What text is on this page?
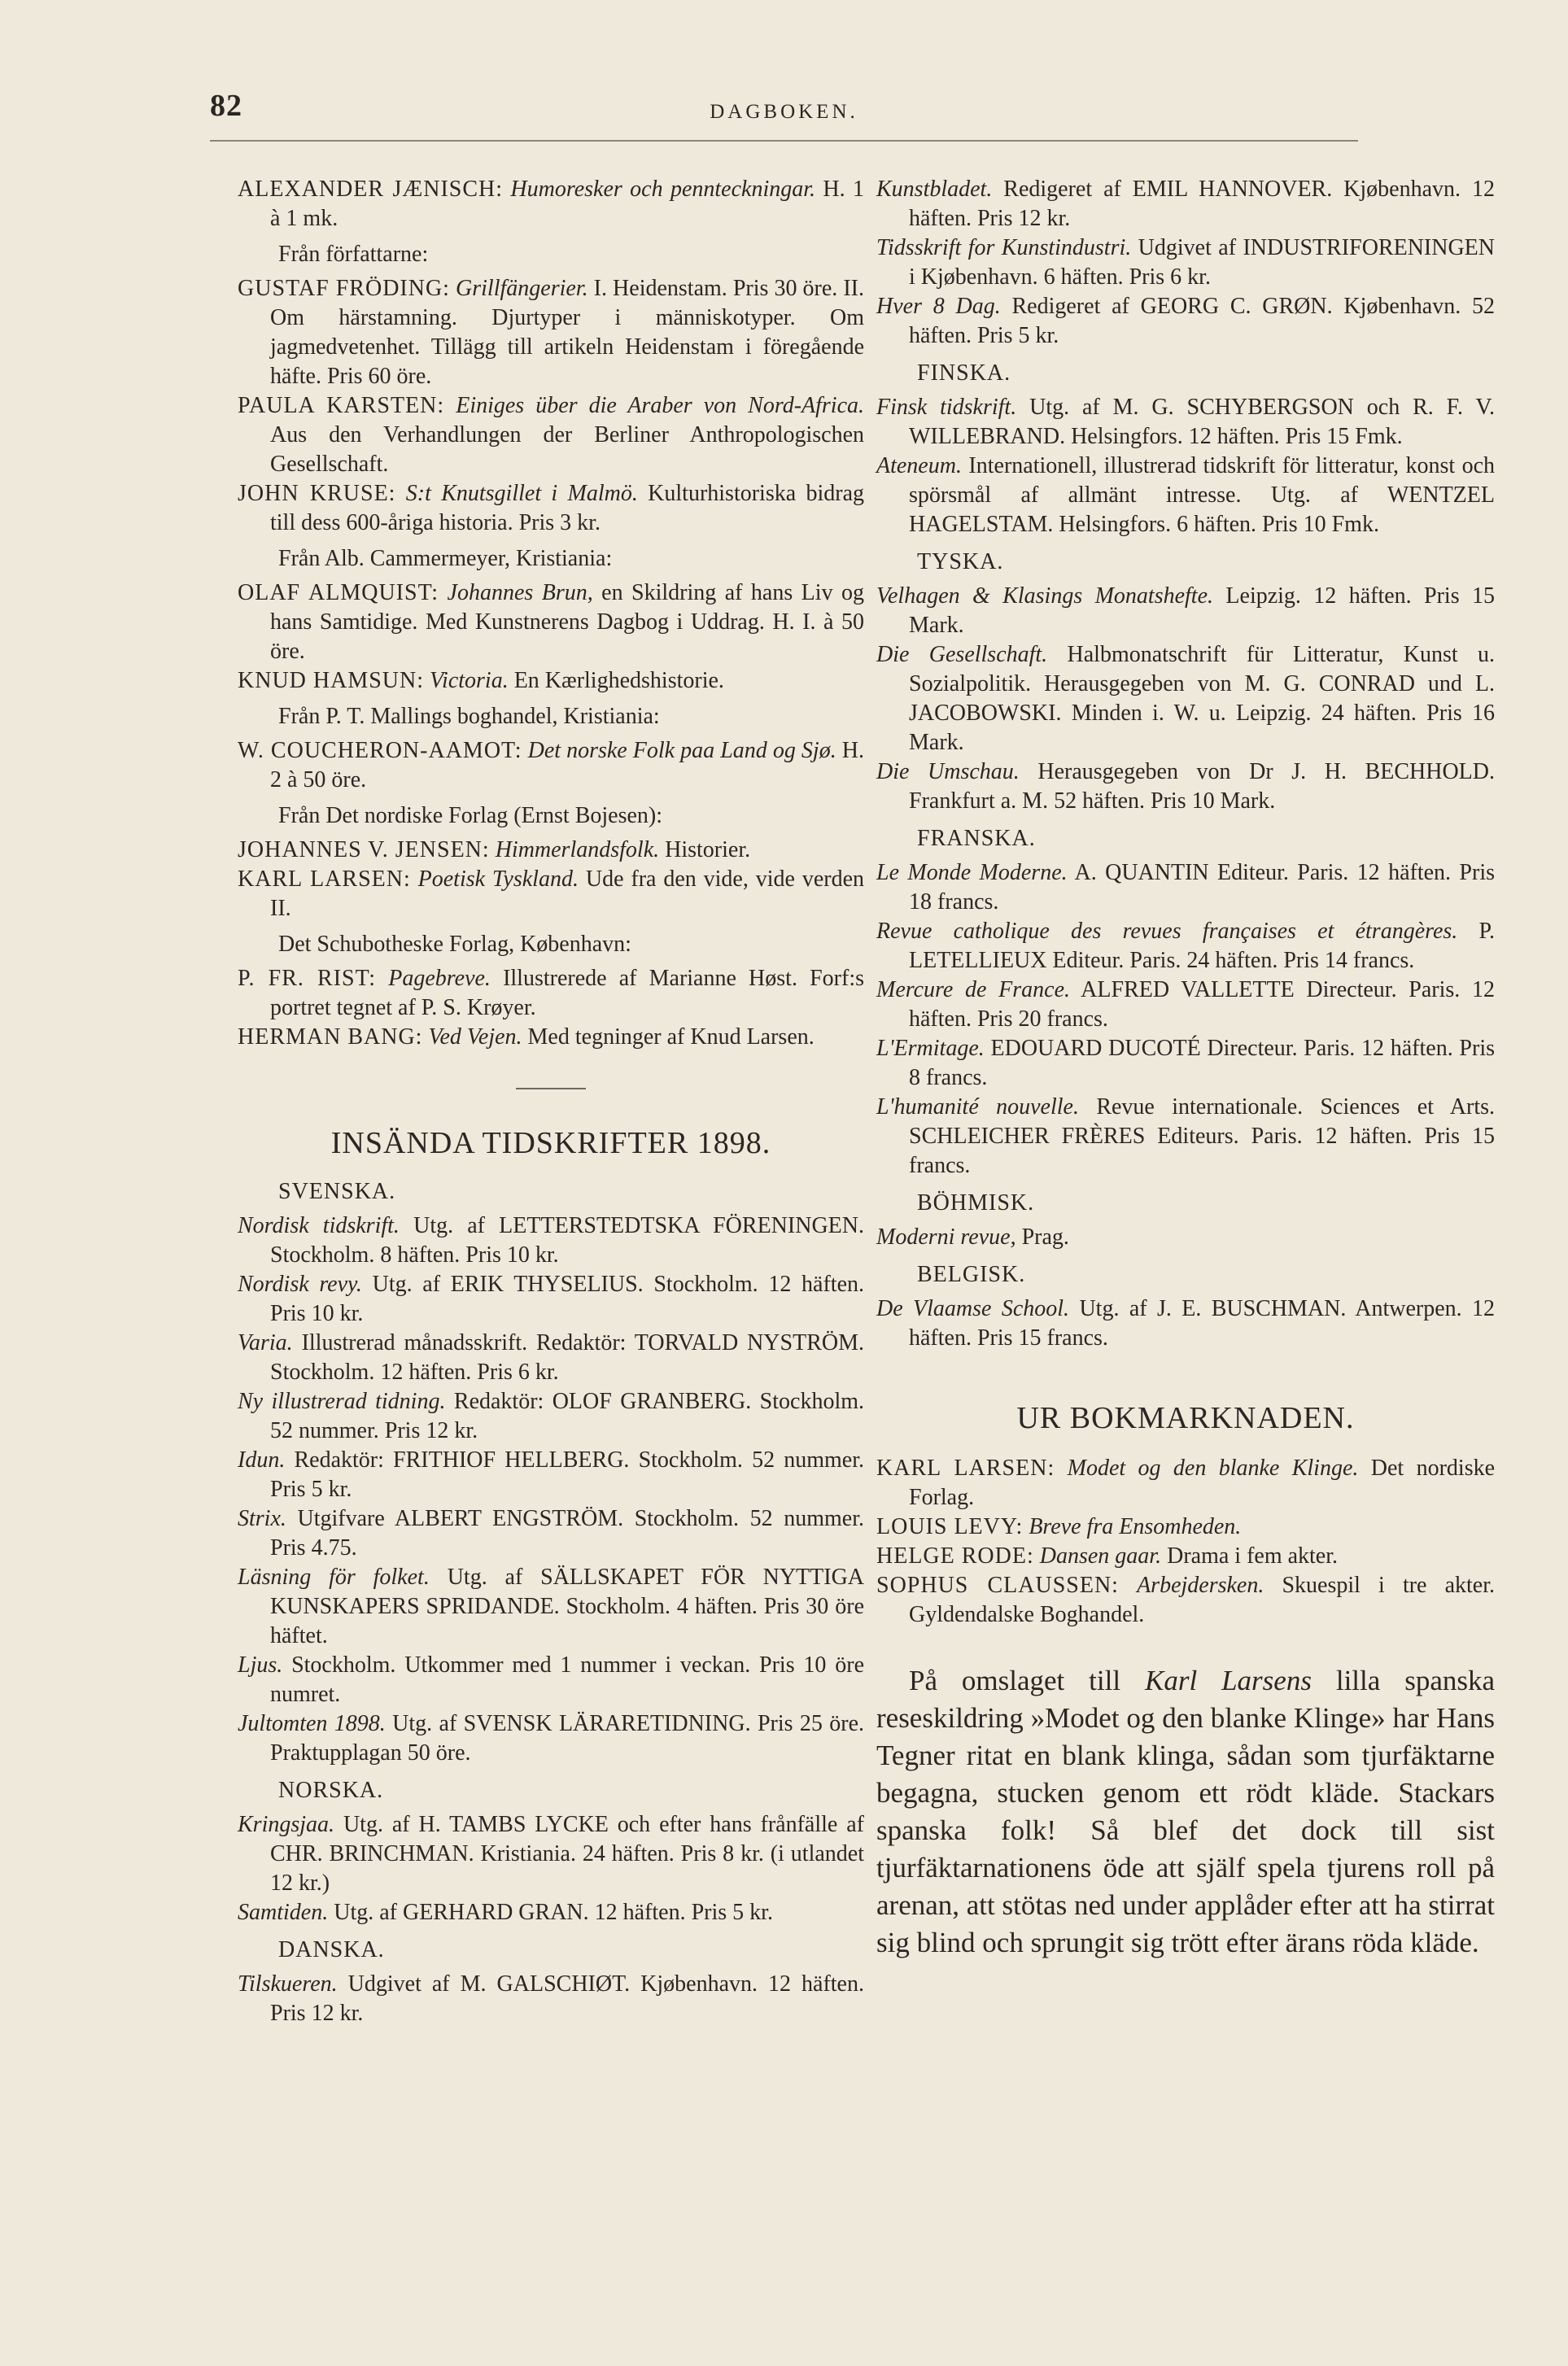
82	DAGBOKEN.

ALEXANDER JÆNISCH: Humoresker och pennteckningar. H. 1 à 1 mk.

Från författarne:

GUSTAF FRÖDING: Grillfängerier. I. Heidenstam. Pris 30 öre. II. Om härstamning. Djurtyper i människotyper. Om jagmedvetenhet. Tillägg till artikeln Heidenstam i föregående häfte. Pris 60 öre.

PAULA KARSTEN: Einiges über die Araber von Nord-Africa. Aus den Verhandlungen der Berliner Anthropologischen Gesellschaft.

JOHN KRUSE: S:t Knutsgillet i Malmö. Kulturhistoriska bidrag till dess 600-åriga historia. Pris 3 kr.

Från Alb. Cammermeyer, Kristiania:

OLAF ALMQUIST: Johannes Brun, en Skildring af hans Liv og hans Samtidige. Med Kunstnerens Dagbog i Uddrag. H. I. à 50 öre.

KNUD HAMSUN: Victoria. En Kærlighedshistorie.

Från P. T. Mallings boghandel, Kristiania:

W. COUCHERON-AAMOT: Det norske Folk paa Land og Sjø. H. 2 à 50 öre.

Från Det nordiske Forlag (Ernst Bojesen):

JOHANNES V. JENSEN: Himmerlandsfolk. Historier.

KARL LARSEN: Poetisk Tyskland. Ude fra den vide, vide verden II.

Det Schubotheske Forlag, København:

P. FR. RIST: Pagebreve. Illustrerede af Marianne Høst. Forf:s portret tegnet af P. S. Krøyer.

HERMAN BANG: Ved Vejen. Med tegninger af Knud Larsen.

INSÄNDA TIDSKRIFTER 1898.

SVENSKA.

Nordisk tidskrift. Utg. af LETTERSTEDTSKA FÖRENINGEN. Stockholm. 8 häften. Pris 10 kr.

Nordisk revy. Utg. af ERIK THYSELIUS. Stockholm. 12 häften. Pris 10 kr.

Varia. Illustrerad månadsskrift. Redaktör: TORVALD NYSTRÖM. Stockholm. 12 häften. Pris 6 kr.

Ny illustrerad tidning. Redaktör: OLOF GRANBERG. Stockholm. 52 nummer. Pris 12 kr.

Idun. Redaktör: FRITHIOF HELLBERG. Stockholm. 52 nummer. Pris 5 kr.

Strix. Utgifvare ALBERT ENGSTRÖM. Stockholm. 52 nummer. Pris 4.75.

Läsning för folket. Utg. af SÄLLSKAPET FÖR NYTTIGA KUNSKAPERS SPRIDANDE. Stockholm. 4 häften. Pris 30 öre häftet.

Ljus. Stockholm. Utkommer med 1 nummer i veckan. Pris 10 öre numret.

Jultomten 1898. Utg. af SVENSK LÄRARETIDNING. Pris 25 öre. Praktupplagan 50 öre.

NORSKA.

Kringsjaa. Utg. af H. TAMBS LYCKE och efter hans frånfälle af CHR. BRINCHMAN. Kristiania. 24 häften. Pris 8 kr. (i utlandet 12 kr.)

Samtiden. Utg. af GERHARD GRAN. 12 häften. Pris 5 kr.

DANSKA.

Tilskueren. Udgivet af M. GALSCHIØT. Kjøbenhavn. 12 häften. Pris 12 kr.

Kunstbladet. Redigeret af EMIL HANNOVER. Kjøbenhavn. 12 häften. Pris 12 kr.

Tidsskrift for Kunstindustri. Udgivet af INDUSTRIFORENINGEN i Kjøbenhavn. 6 häften. Pris 6 kr.

Hver 8 Dag. Redigeret af GEORG C. GRØN. Kjøbenhavn. 52 häften. Pris 5 kr.

FINSKA.

Finsk tidskrift. Utg. af M. G. SCHYBERGSON och R. F. V. WILLEBRAND. Helsingfors. 12 häften. Pris 15 Fmk.

Ateneum. Internationell, illustrerad tidskrift för litteratur, konst och spörsmål af allmänt intresse. Utg. af WENTZEL HAGELSTAM. Helsingfors. 6 häften. Pris 10 Fmk.

TYSKA.

Velhagen & Klasings Monatshefte. Leipzig. 12 häften. Pris 15 Mark.

Die Gesellschaft. Halbmonatschrift für Litteratur, Kunst u. Sozialpolitik. Herausgegeben von M. G. CONRAD und L. JACOBOWSKI. Minden i. W. u. Leipzig. 24 häften. Pris 16 Mark.

Die Umschau. Herausgegeben von Dr J. H. BECHHOLD. Frankfurt a. M. 52 häften. Pris 10 Mark.

FRANSKA.

Le Monde Moderne. A. QUANTIN Editeur. Paris. 12 häften. Pris 18 francs.

Revue catholique des revues françaises et étrangères. P. LETELLIEUX Editeur. Paris. 24 häften. Pris 14 francs.

Mercure de France. ALFRED VALLETTE Directeur. Paris. 12 häften. Pris 20 francs.

L'Ermitage. EDOUARD DUCOTÉ Directeur. Paris. 12 häften. Pris 8 francs.

L'humanité nouvelle. Revue internationale. Sciences et Arts. SCHLEICHER FRÈRES Editeurs. Paris. 12 häften. Pris 15 francs.

BÖHMISK.

Moderni revue, Prag.

BELGISK.

De Vlaamse School. Utg. af J. E. BUSCHMAN. Antwerpen. 12 häften. Pris 15 francs.

UR BOKMARKNADEN.

KARL LARSEN: Modet og den blanke Klinge. Det nordiske Forlag.

LOUIS LEVY: Breve fra Ensomheden.

HELGE RODE: Dansen gaar. Drama i fem akter.

SOPHUS CLAUSSEN: Arbejdersken. Skuespil i tre akter. Gyldendalske Boghandel.

På omslaget till Karl Larsens lilla spanska reseskildring »Modet og den blanke Klinge» har Hans Tegner ritat en blank klinga, sådan som tjurfäktarne begagna, stucken genom ett rödt kläde. Stackars spanska folk! Så blef det dock till sist tjurfäktarnationens öde att själf spela tjurens roll på arenan, att stötas ned under applåder efter att ha stirrat sig blind och sprungit sig trött efter ärans röda kläde.
